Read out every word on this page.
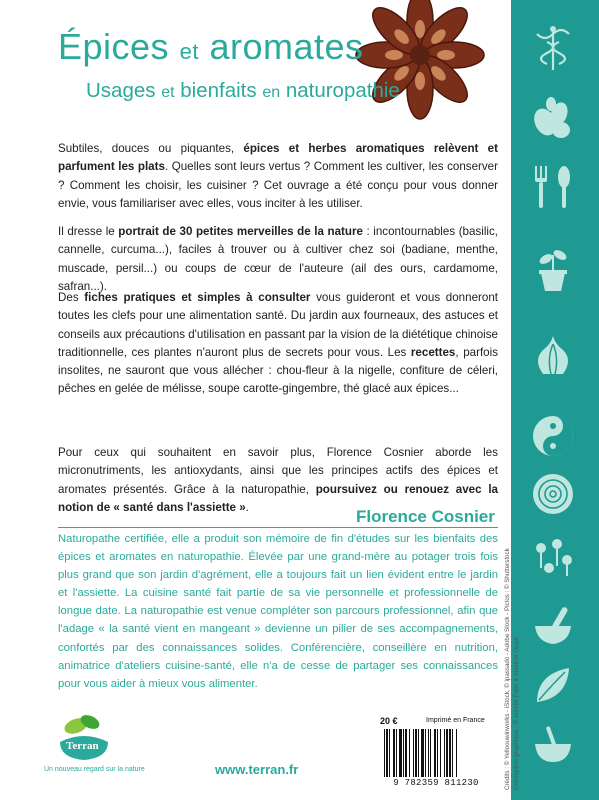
Épices et aromates
Usages et bienfaits en naturopathie

Subtiles, douces ou piquantes, épices et herbes aromatiques relèvent et parfument les plats. Quelles sont leurs vertus ? Comment les cultiver, les conserver ? Comment les choisir, les cuisiner ? Cet ouvrage a été conçu pour vous donner envie, vous familiariser avec elles, vous inciter à les utiliser.

Il dresse le portrait de 30 petites merveilles de la nature : incontournables (basilic, cannelle, curcuma...), faciles à trouver ou à cultiver chez soi (badiane, menthe, muscade, persil...) ou coups de cœur de l'auteure (ail des ours, cardamome, safran...).

Des fiches pratiques et simples à consulter vous guideront et vous donneront toutes les clefs pour une alimentation santé. Du jardin aux fourneaux, des astuces et conseils aux précautions d'utilisation en passant par la vision de la diététique chinoise traditionnelle, ces plantes n'auront plus de secrets pour vous. Les recettes, parfois insolites, ne sauront que vous allécher : chou-fleur à la nigelle, confiture de céleri, pêches en gelée de mélisse, soupe carotte-gingembre, thé glacé aux épices...

Pour ceux qui souhaitent en savoir plus, Florence Cosnier aborde les micronutriments, les antioxydants, ainsi que les principes actifs des épices et aromates présentés. Grâce à la naturopathie, poursuivez ou renouez avec la notion de « santé dans l'assiette ».	Florence Cosnier

Naturopathe certifiée, elle a produit son mémoire de fin d'études sur les bienfaits des épices et aromates en naturopathie. Élevée par une grand-mère au potager trois fois plus grand que son jardin d'agrément, elle a toujours fait un lien évident entre le jardin et l'assiette. La cuisine santé fait partie de sa vie personnelle et professionnelle de longue date. La naturopathie est venue compléter son parcours professionnel, afin que l'adage « la santé vient en mangeant » devienne un pilier de ses accompagnements, confortés par des connaissances solides. Conférencière, conseillère en nutrition, animatrice d'ateliers cuisine-santé, elle n'a de cesse de partager ses connaissances pour vous aider à mieux vous alimenter.

Terran
Un nouveau regard sur la nature	www.terran.fr
20 €	Imprimé en France
9 782359 811230	Crédits : © Yelloouwinworks - iStock, © ipassado - Adobe Stock - Pictos : © Shutterstock Conception graphique : © Aurélie Pailo & Maxime Oppa
